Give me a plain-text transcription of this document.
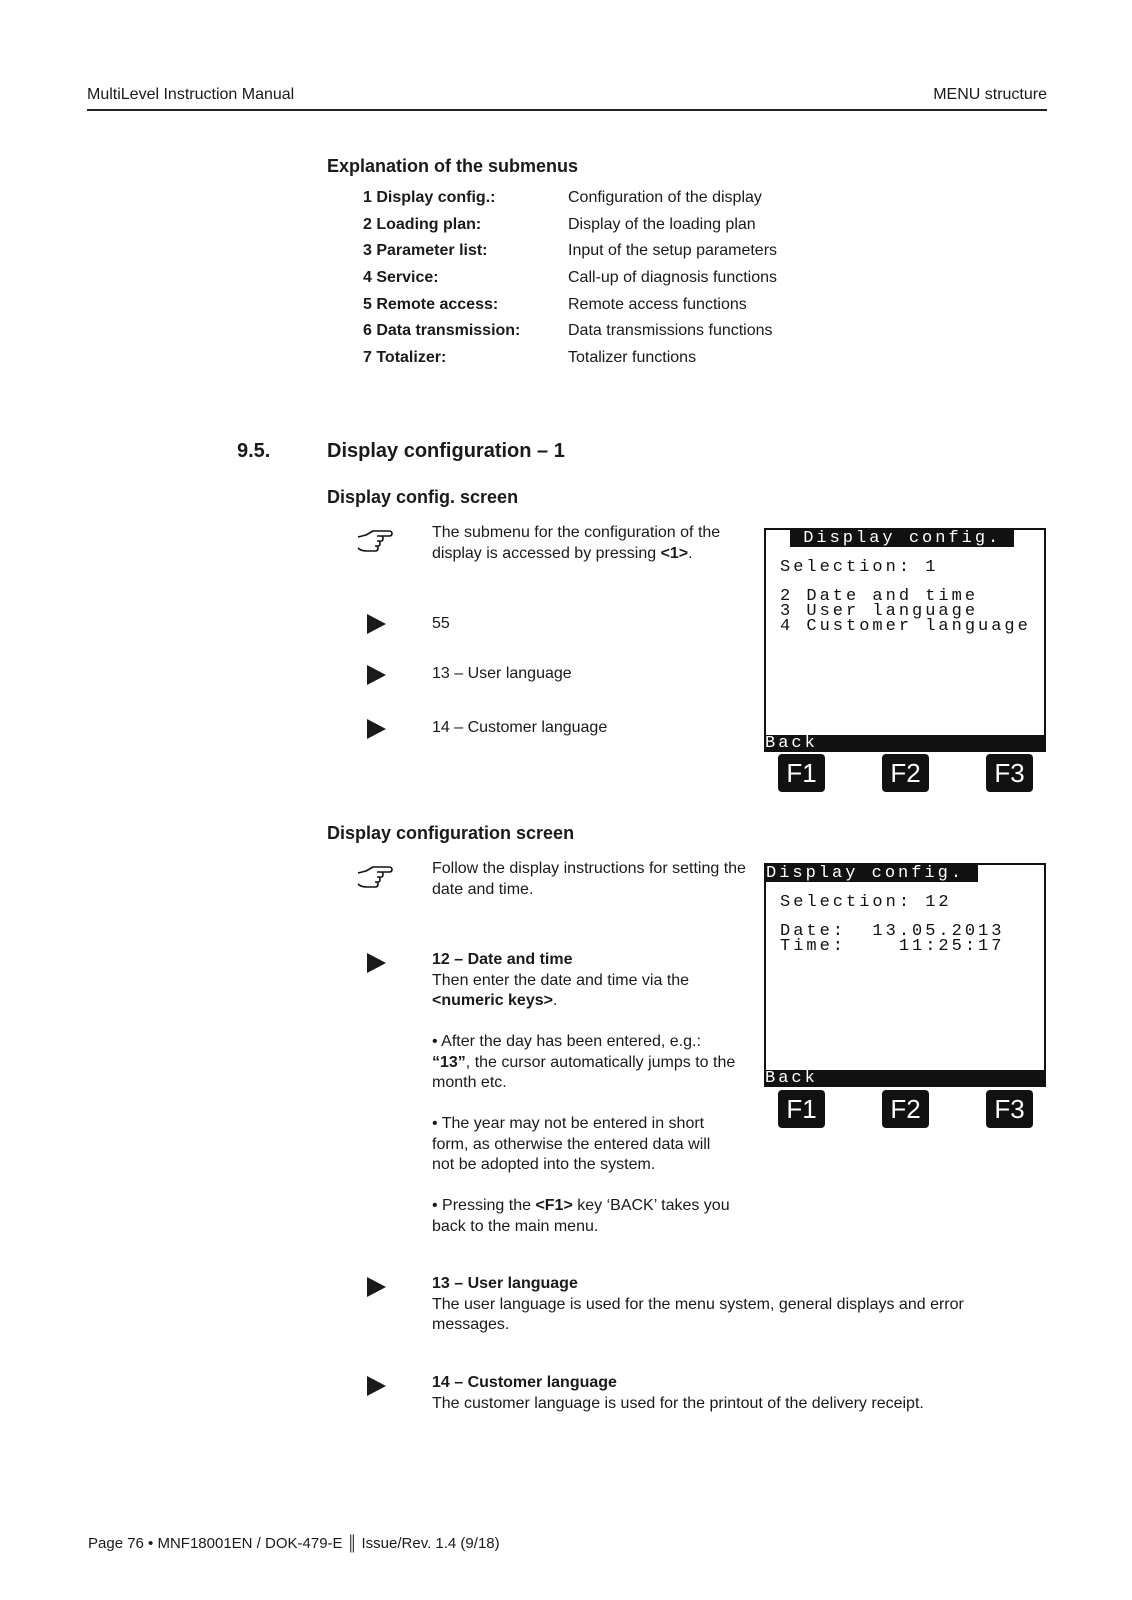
MultiLevel Instruction Manual	MENU structure
Explanation of the submenus
1 Display config.:	Configuration of the display
2 Loading plan:	Display of the loading plan
3 Parameter list:	Input of the setup parameters
4 Service:	Call-up of diagnosis functions
5 Remote access:	Remote access functions
6 Data transmission:	Data transmissions functions
7 Totalizer:	Totalizer functions
9.5.	Display configuration – 1
Display config. screen
The submenu for the configuration of the display is accessed by pressing <1>.
55
13 – User language
14 – Customer language
Display config.
Selection: 1
2 Date and time
3 User language
4 Customer language
Back
F1	F2	F3
Display configuration screen
Follow the display instructions for setting the date and time.
12 – Date and time
Then enter the date and time via the <numeric keys>.
• After the day has been entered, e.g.: “13”, the cursor automatically jumps to the month etc.
• The year may not be entered in short form, as otherwise the entered data will not be adopted into the system.
• Pressing the <F1> key ‘BACK’ takes you back to the main menu.
13 – User language
The user language is used for the menu system, general displays and error messages.
14 – Customer language
The customer language is used for the printout of the delivery receipt.
Display config.
Selection: 12
Date:  13.05.2013
Time:    11:25:17
Back
F1	F2	F3
Page 76 • MNF18001EN / DOK-479-E ║ Issue/Rev. 1.4 (9/18)
